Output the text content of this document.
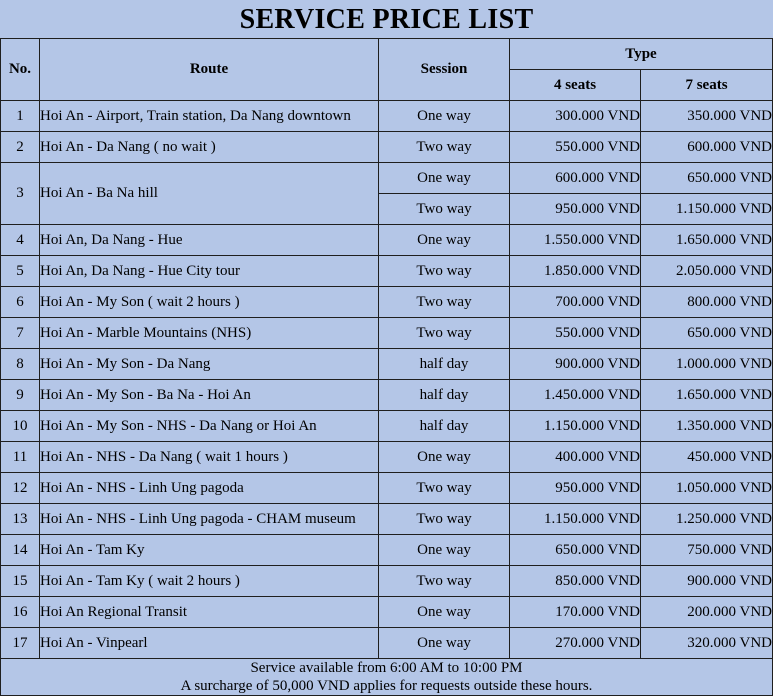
SERVICE PRICE LIST
No.	Route	Session	Type	
			4 seats	7 seats
1	Hoi An - Airport, Train station, Da Nang downtown	One way	300.000 VND	350.000 VND
2	Hoi An - Da Nang ( no wait )	Two way	550.000 VND	600.000 VND
3	Hoi An - Ba Na hill	One way	600.000 VND	650.000 VND
		Two way	950.000 VND	1.150.000 VND
4	Hoi An, Da Nang - Hue	One way	1.550.000 VND	1.650.000 VND
5	Hoi An, Da Nang - Hue City tour	Two way	1.850.000 VND	2.050.000 VND
6	Hoi An - My Son ( wait 2 hours )	Two way	700.000 VND	800.000 VND
7	Hoi An - Marble Mountains (NHS)	Two way	550.000 VND	650.000 VND
8	Hoi An - My Son - Da Nang	half day	900.000 VND	1.000.000 VND
9	Hoi An - My Son - Ba Na - Hoi An	half day	1.450.000 VND	1.650.000 VND
10	Hoi An - My Son - NHS - Da Nang or Hoi An	half day	1.150.000 VND	1.350.000 VND
11	Hoi An - NHS - Da Nang ( wait 1 hours )	One way	400.000 VND	450.000 VND
12	Hoi An - NHS - Linh Ung pagoda	Two way	950.000 VND	1.050.000 VND
13	Hoi An - NHS - Linh Ung pagoda - CHAM museum	Two way	1.150.000 VND	1.250.000 VND
14	Hoi An - Tam Ky	One way	650.000 VND	750.000 VND
15	Hoi An - Tam Ky ( wait 2 hours )	Two way	850.000 VND	900.000 VND
16	Hoi An Regional Transit	One way	170.000 VND	200.000 VND
17	Hoi An - Vinpearl	One way	270.000 VND	320.000 VND

Service available from 6:00 AM to 10:00 PM
A surcharge of 50,000 VND applies for requests outside these hours.				
